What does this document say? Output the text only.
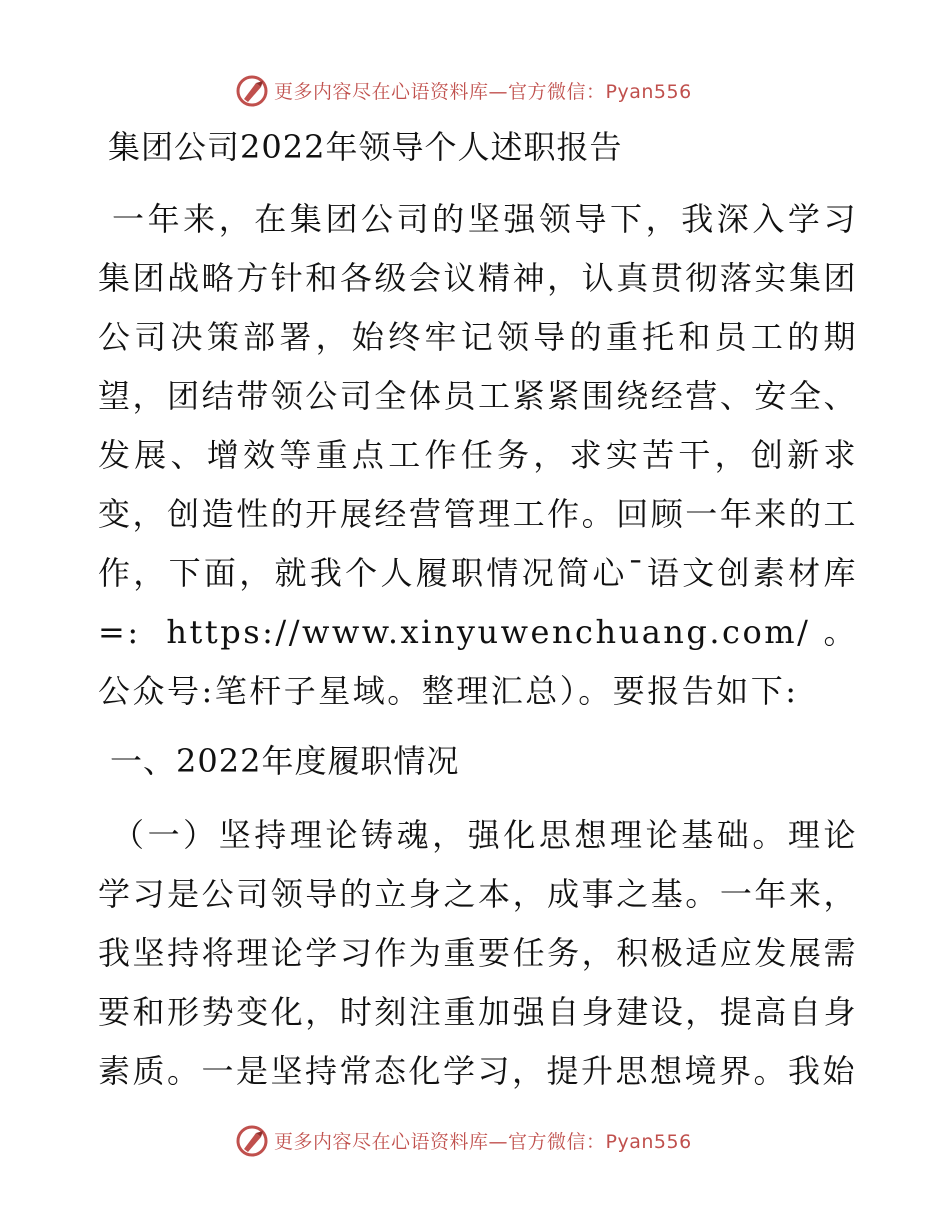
更多内容尽在心语资料库—官方微信：Pyan556
集团公司2022年领导个人述职报告

一年来，在集团公司的坚强领导下，我深入学习集团战略方针和各级会议精神，认真贯彻落实集团公司决策部署，始终牢记领导的重托和员工的期望，团结带领公司全体员工紧紧围绕经营、安全、发展、增效等重点工作任务，求实苦干，创新求变，创造性的开展经营管理工作。回顾一年来的工作，下面，就我个人履职情况简心¯语文创素材库=: https://www.xinyuwenchuang.com/。公众号:笔杆子星域。整理汇总）。要报告如下:

一、2022年度履职情况

（一）坚持理论铸魂，强化思想理论基础。理论学习是公司领导的立身之本，成事之基。一年来，我坚持将理论学习作为重要任务，积极适应发展需要和形势变化，时刻注重加强自身建设，提高自身素质。一是坚持常态化学习，提升思想境界。我始

更多内容尽在心语资料库—官方微信：Pyan556
